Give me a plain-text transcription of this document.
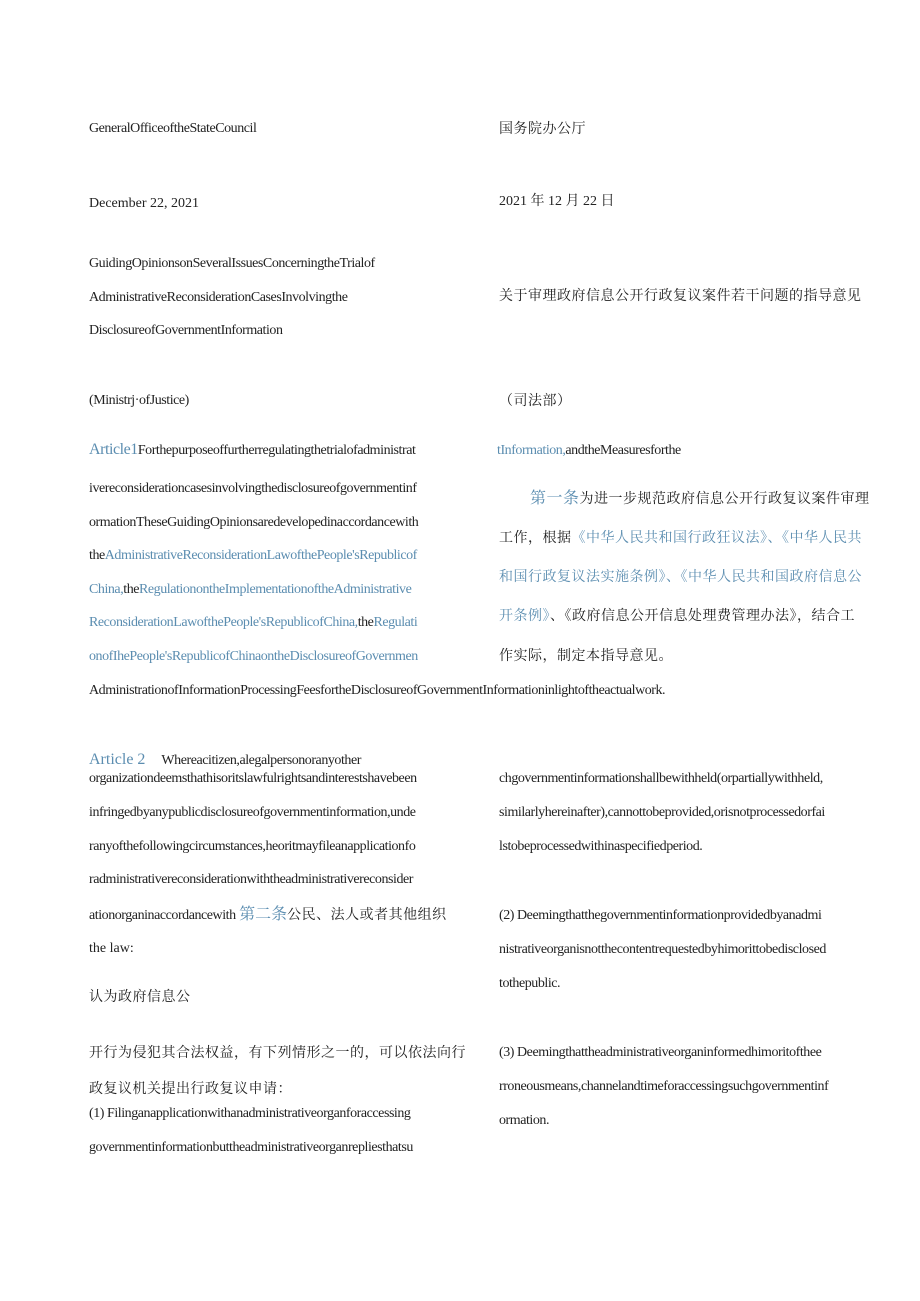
GeneralOfficeoftheStateCouncil	国务院办公厅

December 22, 2021	2021 年 12 月 22 日

GuidingOpinionsonSeveralIssuesConcerningtheTrialof

AdministrativeReconsiderationCasesInvolvingthe

DisclosureofGovernmentInformation

关于审理政府信息公开行政复议案件若干问题的指导意见

(Ministrj·ofJustice)	（司法部）

Article1Forthepurposeoffurtherregulatingthetrialofadministrat

ivereconsiderationcasesinvolvingthedisclosureofgovernmentinf

ormationTheseGuidingOpinionsaredevelopedinaccordancewith

theAdministrativeReconsiderationLawofthePeople'sRepublicof
China,theRegulationontheImplementationoftheAdministrative
ReconsiderationLawofthePeople'sRepublicofChina,theRegulati

onofIhePeople'sRepublicofChinaontheDisclosureofGovernmen

AdministrationofInformationProcessingFeesfortheDisclosureofGovernmentInformationinlightoftheactualwork.

tInformation,andtheMeasuresforthe
第一条为进一步规范政府信息公开行政复议案件审理
工作，根据《中华人民共和国行政狂议法》、《中华人民共

和国行政复议法实施条例》、《中华人民共和国政府信息公

开条例》、《政府信息公开信息处理费管理办法》，结合工

作实际，制定本指导意见。

Article 2 Whereacitizen,alegalpersonoranyother

organizationdeemsthathisoritslawfulrightsandinterestshavebeen

infringedbyanypublicdisclosureofgovernmentinformation,unde

ranyofthefollowingcircumstances,heoritmayfileanapplicationfo

radministrativereconsiderationwiththeadministrativereconsider

ationorganinaccordancewith 第二条公民、法人或者其他组织

the law:

认为政府信息公

开行为侵犯其合法权益，有下列情形之一的，可以依法向行

政复议机关提出行政复议申请：

(1) Filinganapplicationwithanadministrativeorganforaccessing

governmentinformationbuttheadministrativeorganrepliesthatsu

chgovernmentinformationshallbewithheld(orpartiallywithheld,

similarlyhereinafter),cannottobeprovided,orisnotprocessedorfai

lstobeprocessedwithinaspecifiedperiod.

(2) Deemingthatthegovernmentinformationprovidedbyanadmi

nistrativeorganisnotthecontentrequestedbyhimorittobedisclosed

tothepublic.

(3) Deemingthattheadministrativeorganinformedhimoritofthee

rroneousmeans,channelandtimeforaccessingsuchgovernmentinf

ormation.
